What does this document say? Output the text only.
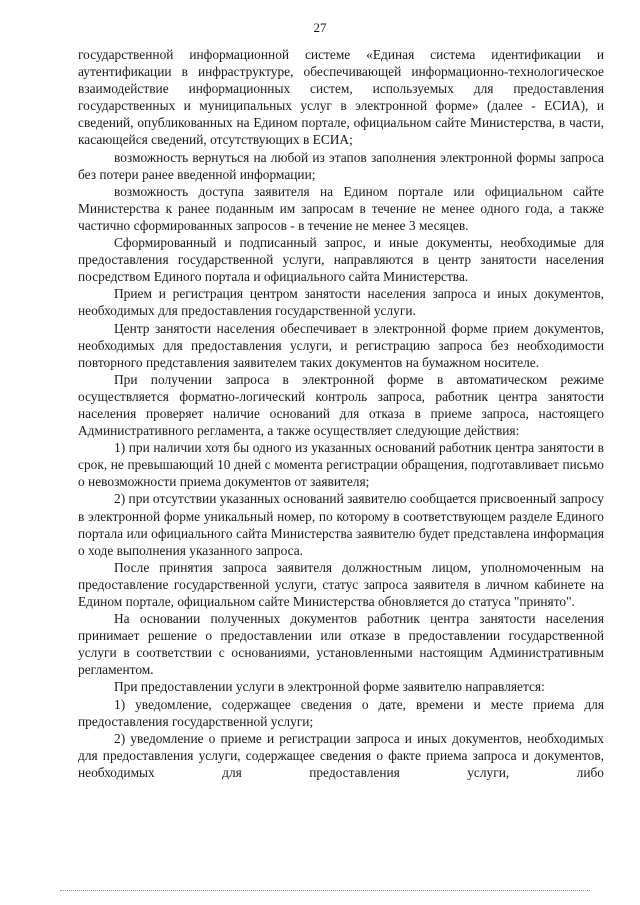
27

государственной информационной системе «Единая система идентификации и аутентификации в инфраструктуре, обеспечивающей информационно-технологическое взаимодействие информационных систем, используемых для предоставления государственных и муниципальных услуг в электронной форме» (далее - ЕСИА), и сведений, опубликованных на Едином портале, официальном сайте Министерства, в части, касающейся сведений, отсутствующих в ЕСИА;

возможность вернуться на любой из этапов заполнения электронной формы запроса без потери ранее введенной информации;

возможность доступа заявителя на Едином портале или официальном сайте Министерства к ранее поданным им запросам в течение не менее одного года, а также частично сформированных запросов - в течение не менее 3 месяцев.

Сформированный и подписанный запрос, и иные документы, необходимые для предоставления государственной услуги, направляются в центр занятости населения посредством Единого портала и официального сайта Министерства.

Прием и регистрация центром занятости населения запроса и иных документов, необходимых для предоставления государственной услуги.

Центр занятости населения обеспечивает в электронной форме прием документов, необходимых для предоставления услуги, и регистрацию запроса без необходимости повторного представления заявителем таких документов на бумажном носителе.

При получении запроса в электронной форме в автоматическом режиме осуществляется форматно-логический контроль запроса, работник центра занятости населения проверяет наличие оснований для отказа в приеме запроса, настоящего Административного регламента, а также осуществляет следующие действия:

1) при наличии хотя бы одного из указанных оснований работник центра занятости в срок, не превышающий 10 дней с момента регистрации обращения, подготавливает письмо о невозможности приема документов от заявителя;

2) при отсутствии указанных оснований заявителю сообщается присвоенный запросу в электронной форме уникальный номер, по которому в соответствующем разделе Единого портала или официального сайта Министерства заявителю будет представлена информация о ходе выполнения указанного запроса.

После принятия запроса заявителя должностным лицом, уполномоченным на предоставление государственной услуги, статус запроса заявителя в личном кабинете на Едином портале, официальном сайте Министерства обновляется до статуса "принято".

На основании полученных документов работник центра занятости населения принимает решение о предоставлении или отказе в предоставлении государственной услуги в соответствии с основаниями, установленными настоящим Административным регламентом.

При предоставлении услуги в электронной форме заявителю направляется:

1) уведомление, содержащее сведения о дате, времени и месте приема для предоставления государственной услуги;

2) уведомление о приеме и регистрации запроса и иных документов, необходимых для предоставления услуги, содержащее сведения о факте приема запроса и документов, необходимых для предоставления услуги, либо
